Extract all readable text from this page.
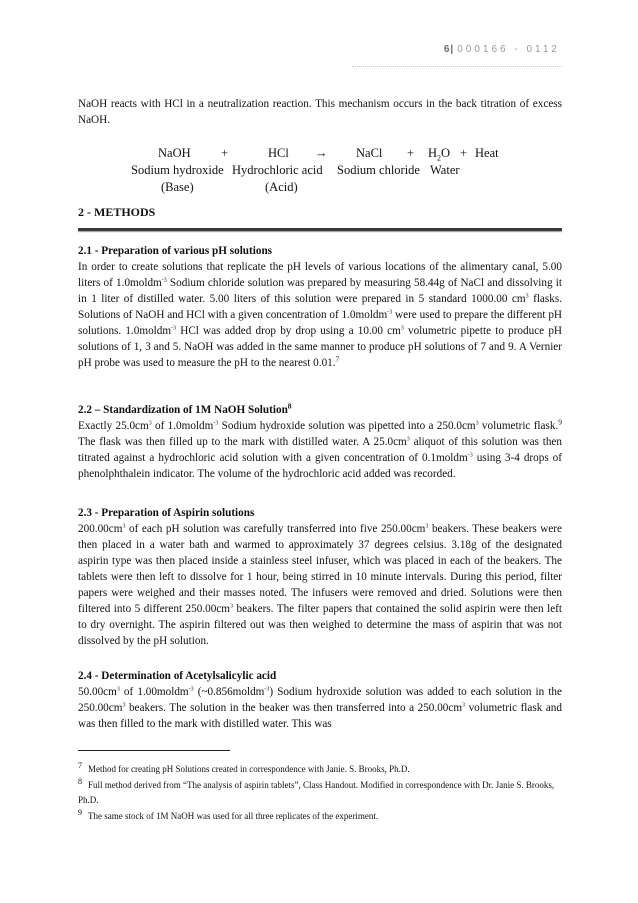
6| 000166 - 0112
NaOH reacts with HCl in a neutralization reaction. This mechanism occurs in the back titration of excess NaOH.
NaOH +	HCl → NaCl + $H_2O$ + Heat
Sodium hydroxide Hydrochloric acid Sodium chloride Water
(Base)	(Acid)
2 - METHODS
2.1 - Preparation of various pH solutions
In order to create solutions that replicate the pH levels of various locations of the alimentary canal, 5.00 liters of 1.0moldm$^{-3}$ Sodium chloride solution was prepared by measuring 58.44g of NaCl and dissolving it in 1 liter of distilled water. 5.00 liters of this solution were prepared in 5 standard 1000.00 $cm^3$ flasks. Solutions of NaOH and HCl with a given concentration of 1.0moldm$^{-3}$ were used to prepare the different pH solutions. 1.0moldm$^{-3}$ HCl was added drop by drop using a 10.00 $cm^3$ volumetric pipette to produce pH solutions of 1, 3 and 5. NaOH was added in the same manner to produce pH solutions of 7 and 9. A Vernier pH probe was used to measure the pH to the nearest 0.01.$^7$
2.2 – Standardization of 1M NaOH Solution$^8$
Exactly $25.0cm^3$ of 1.0moldm$^{-3}$ Sodium hydroxide solution was pipetted into a $250.0cm^3$ volumetric flask.$^9$ The flask was then filled up to the mark with distilled water. A $25.0cm^3$ aliquot of this solution was then titrated against a hydrochloric acid solution with a given concentration of 0.1moldm$^{-3}$ using 3-4 drops of phenolphthalein indicator. The volume of the hydrochloric acid added was recorded.
2.3 - Preparation of Aspirin solutions
$200.00cm^3$ of each pH solution was carefully transferred into five $250.00cm^3$ beakers. These beakers were then placed in a water bath and warmed to approximately 37 degrees celsius. 3.18g of the designated aspirin type was then placed inside a stainless steel infuser, which was placed in each of the beakers. The tablets were then left to dissolve for 1 hour, being stirred in 10 minute intervals. During this period, filter papers were weighed and their masses noted. The infusers were removed and dried. Solutions were then filtered into 5 different $250.00cm^3$ beakers. The filter papers that contained the solid aspirin were then left to dry overnight. The aspirin filtered out was then weighed to determine the mass of aspirin that was not dissolved by the pH solution.
2.4 - Determination of Acetylsalicylic acid
$50.00cm^3$ of 1.00moldm$^{-3}$ (~0.856moldm$^{-3}$) Sodium hydroxide solution was added to each solution in the $250.00cm^3$ beakers. The solution in the beaker was then transferred into a $250.00cm^3$ volumetric flask and was then filled to the mark with distilled water. This was
$^7$ Method for creating pH Solutions created in correspondence with Janie. S. Brooks, Ph.D.
$^8$ Full method derived from “The analysis of aspirin tablets”, Class Handout. Modified in correspondence with Dr. Janie S. Brooks, Ph.D.
$^9$ The same stock of 1M NaOH was used for all three replicates of the experiment.
